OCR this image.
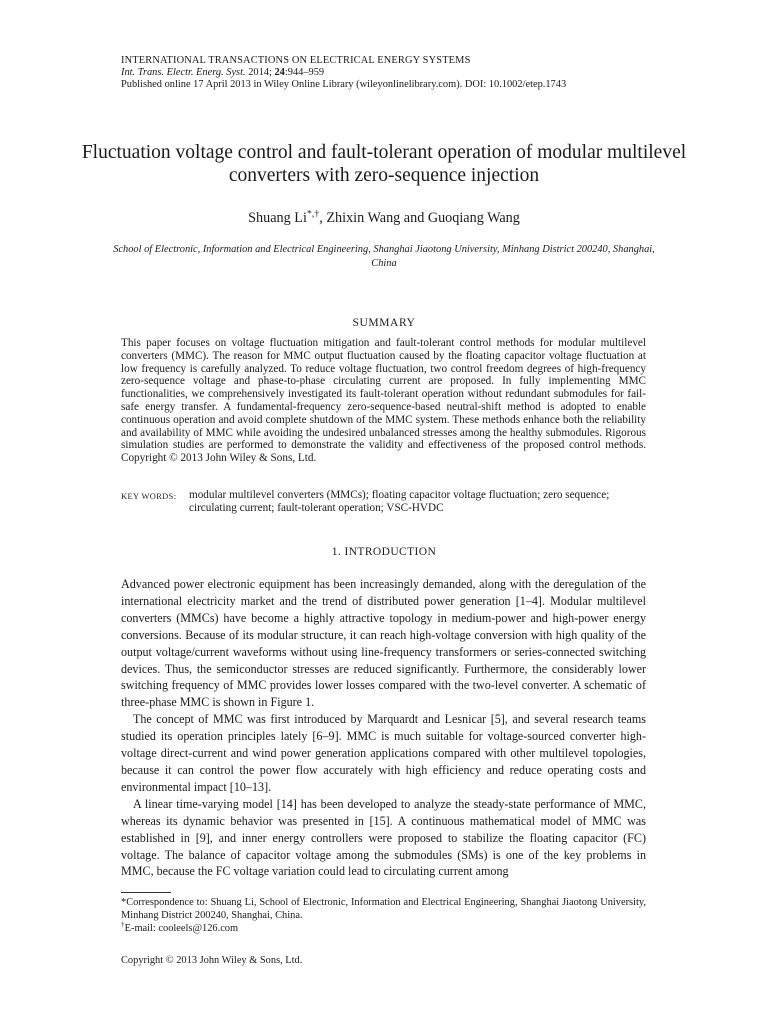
INTERNATIONAL TRANSACTIONS ON ELECTRICAL ENERGY SYSTEMS
Int. Trans. Electr. Energ. Syst. 2014; 24:944–959
Published online 17 April 2013 in Wiley Online Library (wileyonlinelibrary.com). DOI: 10.1002/etep.1743
Fluctuation voltage control and fault-tolerant operation of modular multilevel converters with zero-sequence injection
Shuang Li*,†, Zhixin Wang and Guoqiang Wang
School of Electronic, Information and Electrical Engineering, Shanghai Jiaotong University, Minhang District 200240, Shanghai, China
SUMMARY
This paper focuses on voltage fluctuation mitigation and fault-tolerant control methods for modular multilevel converters (MMC). The reason for MMC output fluctuation caused by the floating capacitor voltage fluctuation at low frequency is carefully analyzed. To reduce voltage fluctuation, two control freedom degrees of high-frequency zero-sequence voltage and phase-to-phase circulating current are proposed. In fully implementing MMC functionalities, we comprehensively investigated its fault-tolerant operation without redundant submodules for fail-safe energy transfer. A fundamental-frequency zero-sequence-based neutral-shift method is adopted to enable continuous operation and avoid complete shutdown of the MMC system. These methods enhance both the reliability and availability of MMC while avoiding the undesired unbalanced stresses among the healthy submodules. Rigorous simulation studies are performed to demonstrate the validity and effectiveness of the proposed control methods. Copyright © 2013 John Wiley & Sons, Ltd.
KEY WORDS:	modular multilevel converters (MMCs); floating capacitor voltage fluctuation; zero sequence; circulating current; fault-tolerant operation; VSC-HVDC
1. INTRODUCTION

Advanced power electronic equipment has been increasingly demanded, along with the deregulation of the international electricity market and the trend of distributed power generation [1–4]. Modular multilevel converters (MMCs) have become a highly attractive topology in medium-power and high-power energy conversions. Because of its modular structure, it can reach high-voltage conversion with high quality of the output voltage/current waveforms without using line-frequency transformers or series-connected switching devices. Thus, the semiconductor stresses are reduced significantly. Furthermore, the considerably lower switching frequency of MMC provides lower losses compared with the two-level converter. A schematic of three-phase MMC is shown in Figure 1.

The concept of MMC was first introduced by Marquardt and Lesnicar [5], and several research teams studied its operation principles lately [6–9]. MMC is much suitable for voltage-sourced converter high-voltage direct-current and wind power generation applications compared with other multilevel topologies, because it can control the power flow accurately with high efficiency and reduce operating costs and environmental impact [10–13].

A linear time-varying model [14] has been developed to analyze the steady-state performance of MMC, whereas its dynamic behavior was presented in [15]. A continuous mathematical model of MMC was established in [9], and inner energy controllers were proposed to stabilize the floating capacitor (FC) voltage. The balance of capacitor voltage among the submodules (SMs) is one of the key problems in MMC, because the FC voltage variation could lead to circulating current among

*Correspondence to: Shuang Li, School of Electronic, Information and Electrical Engineering, Shanghai Jiaotong University, Minhang District 200240, Shanghai, China.

†E-mail: cooleels@126.com

Copyright © 2013 John Wiley & Sons, Ltd.
